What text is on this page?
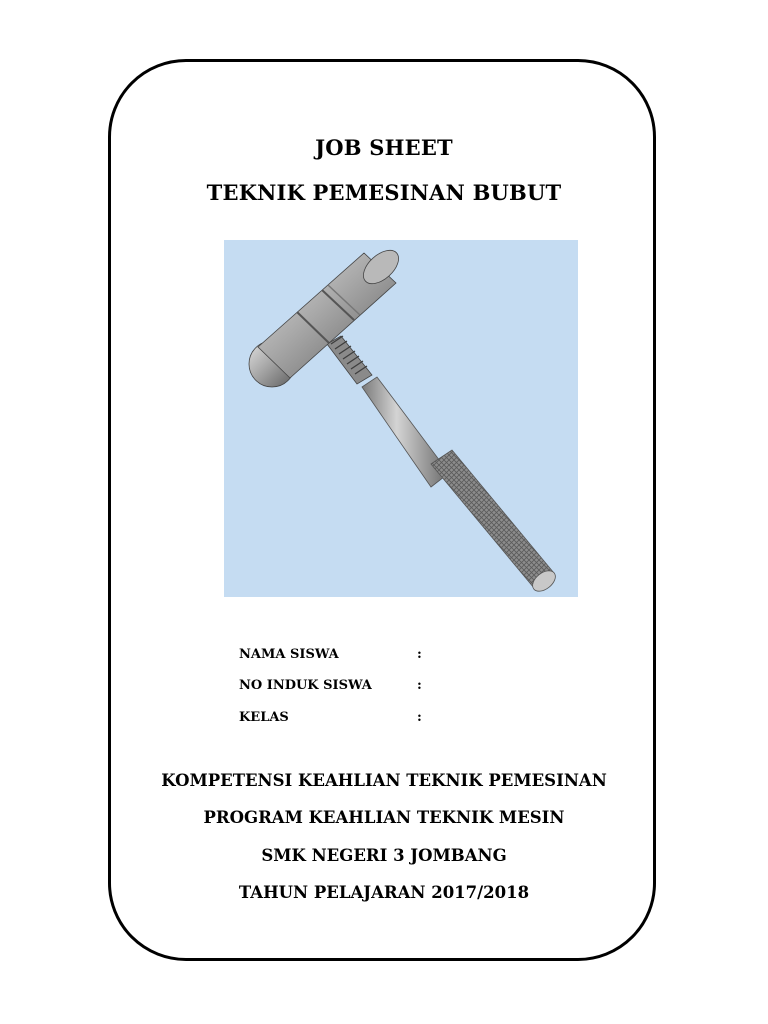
JOB SHEET
TEKNIK PEMESINAN BUBUT
NAMA SISWA	:
NO INDUK SISWA	:
KELAS	:
KOMPETENSI KEAHLIAN TEKNIK PEMESINAN
PROGRAM KEAHLIAN TEKNIK MESIN
SMK NEGERI 3 JOMBANG
TAHUN PELAJARAN 2017/2018
